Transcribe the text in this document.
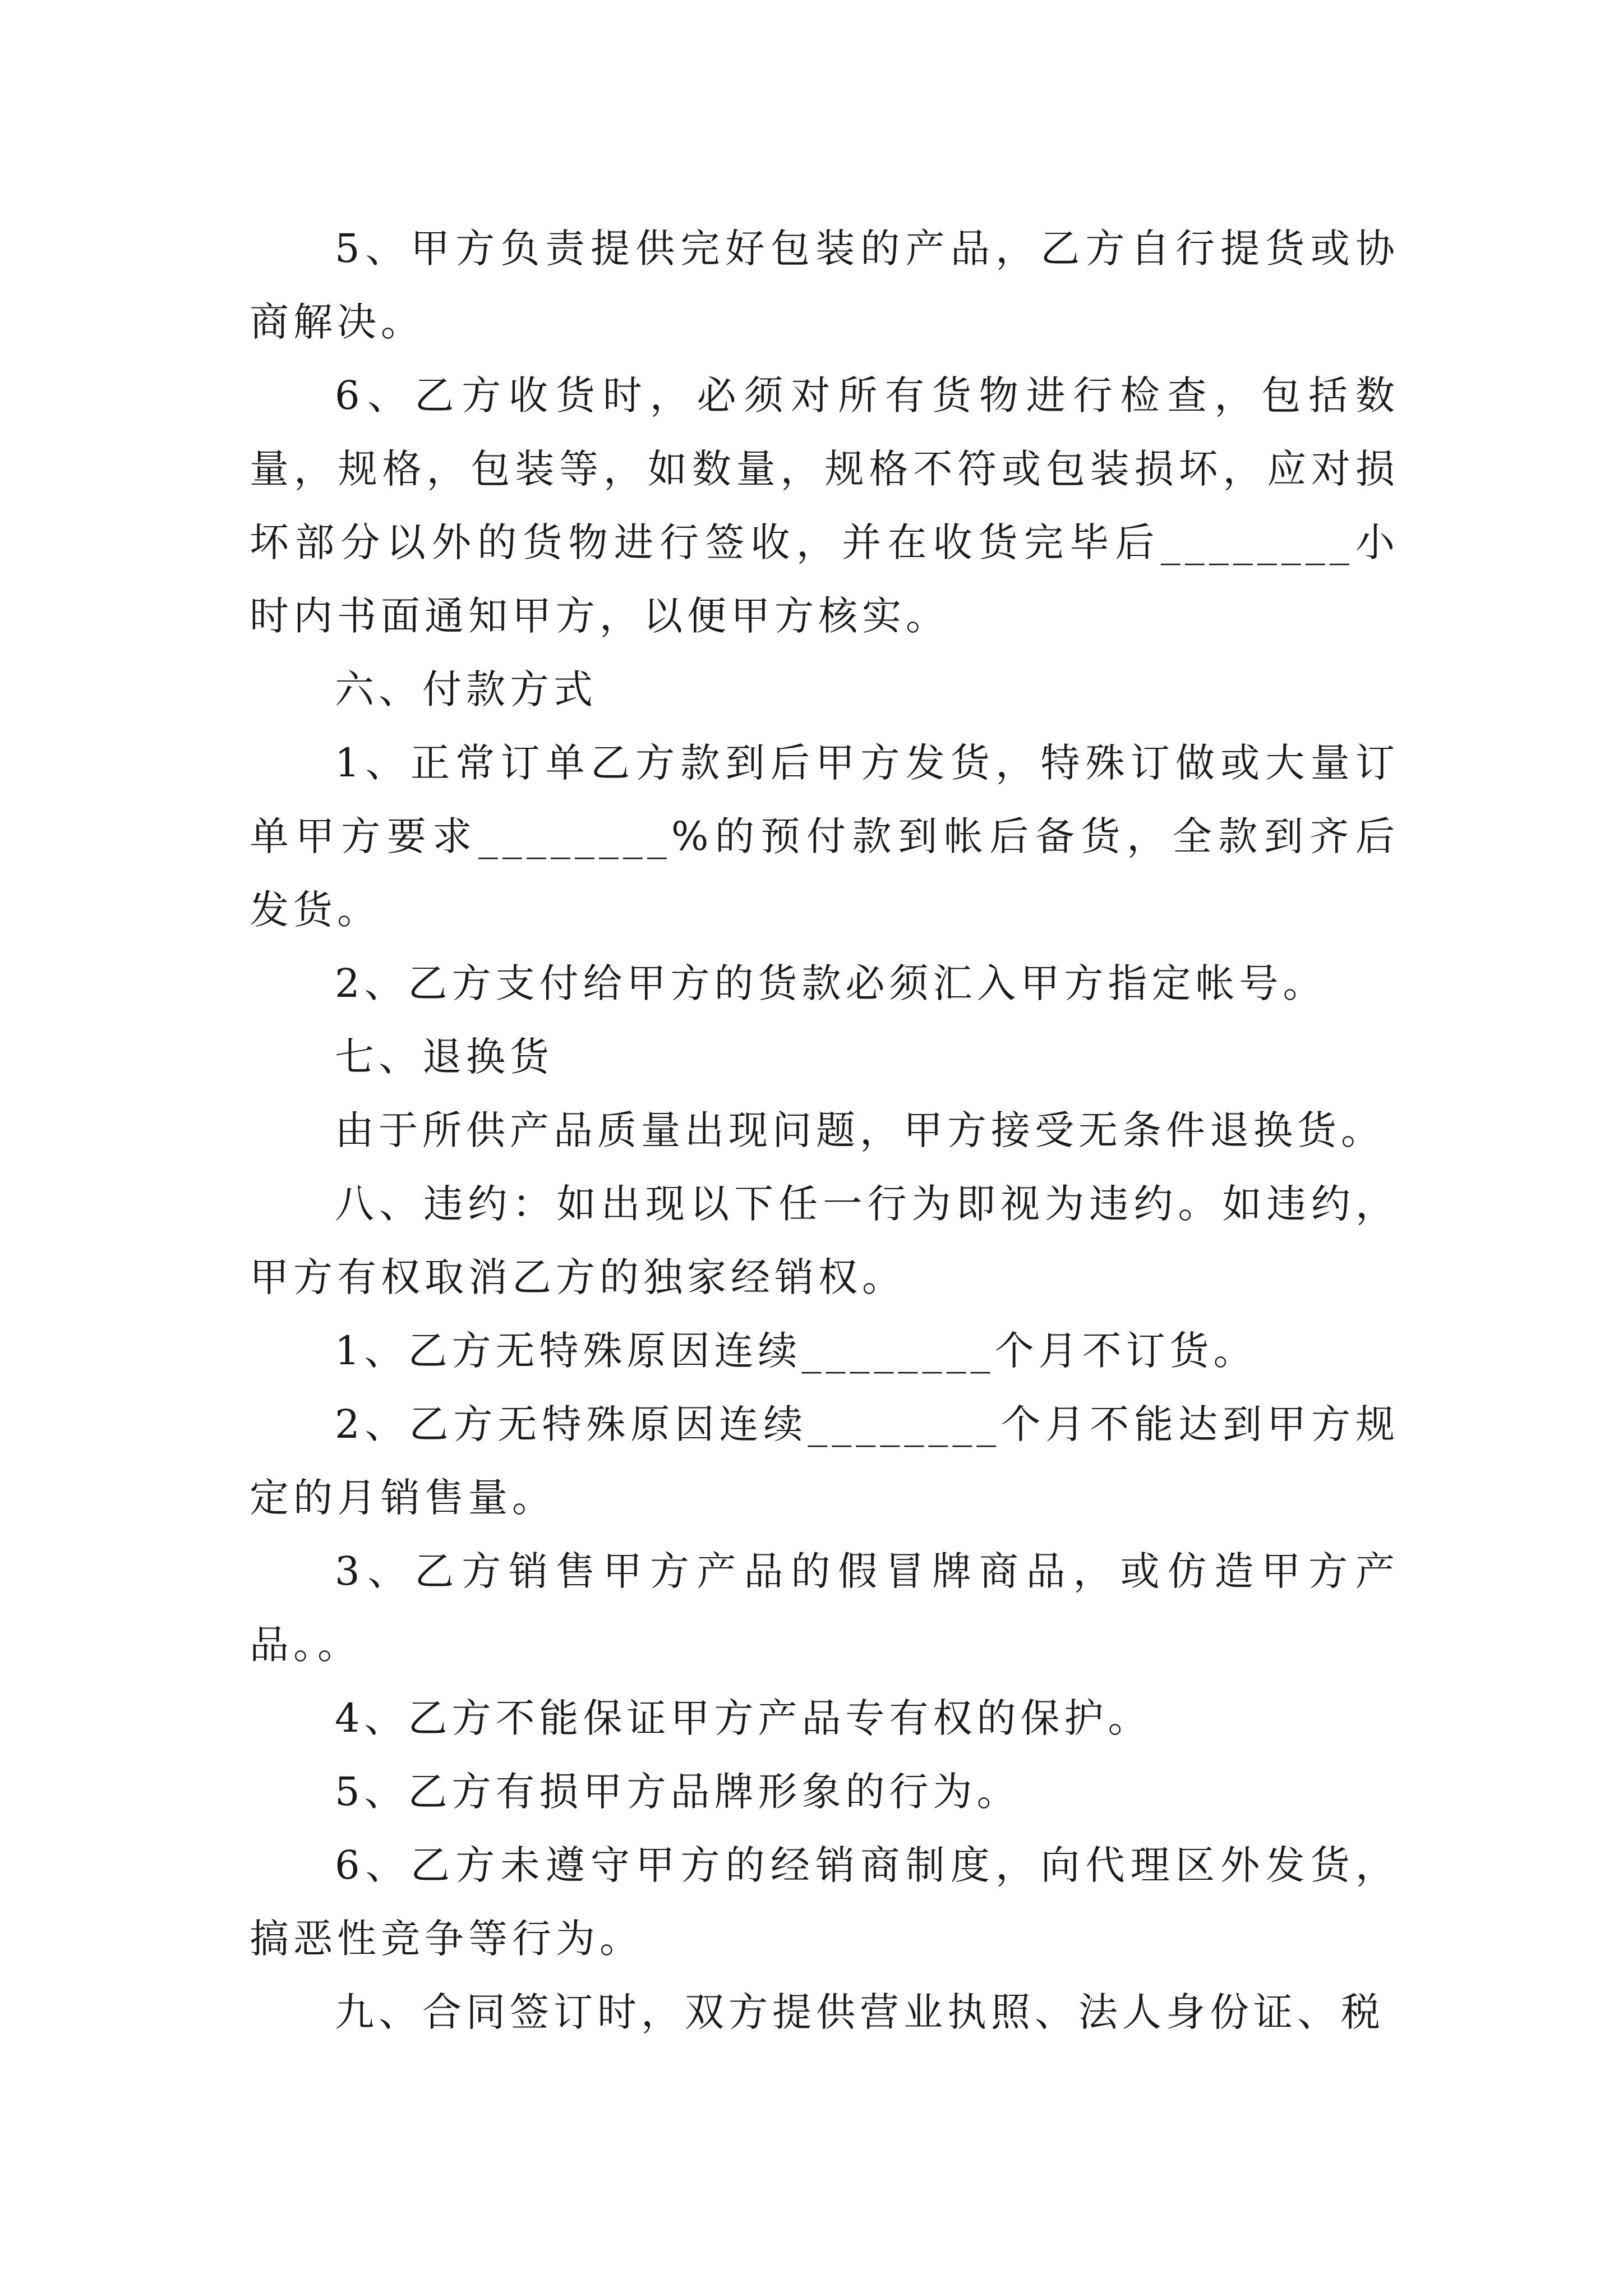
5、甲方负责提供完好包装的产品，乙方自行提货或协商解决。

6、乙方收货时，必须对所有货物进行检查，包括数量，规格，包装等，如数量，规格不符或包装损坏，应对损坏部分以外的货物进行签收，并在收货完毕后________小时内书面通知甲方，以便甲方核实。

六、付款方式

1、正常订单乙方款到后甲方发货，特殊订做或大量订单甲方要求________%的预付款到帐后备货，全款到齐后发货。

2、乙方支付给甲方的货款必须汇入甲方指定帐号。

七、退换货

由于所供产品质量出现问题，甲方接受无条件退换货。

八、违约：如出现以下任一行为即视为违约。如违约，甲方有权取消乙方的独家经销权。

1、乙方无特殊原因连续________个月不订货。

2、乙方无特殊原因连续________个月不能达到甲方规定的月销售量。

3、乙方销售甲方产品的假冒牌商品，或仿造甲方产品。。

4、乙方不能保证甲方产品专有权的保护。

5、乙方有损甲方品牌形象的行为。

6、乙方未遵守甲方的经销商制度，向代理区外发货，搞恶性竞争等行为。

九、合同签订时，双方提供营业执照、法人身份证、税
